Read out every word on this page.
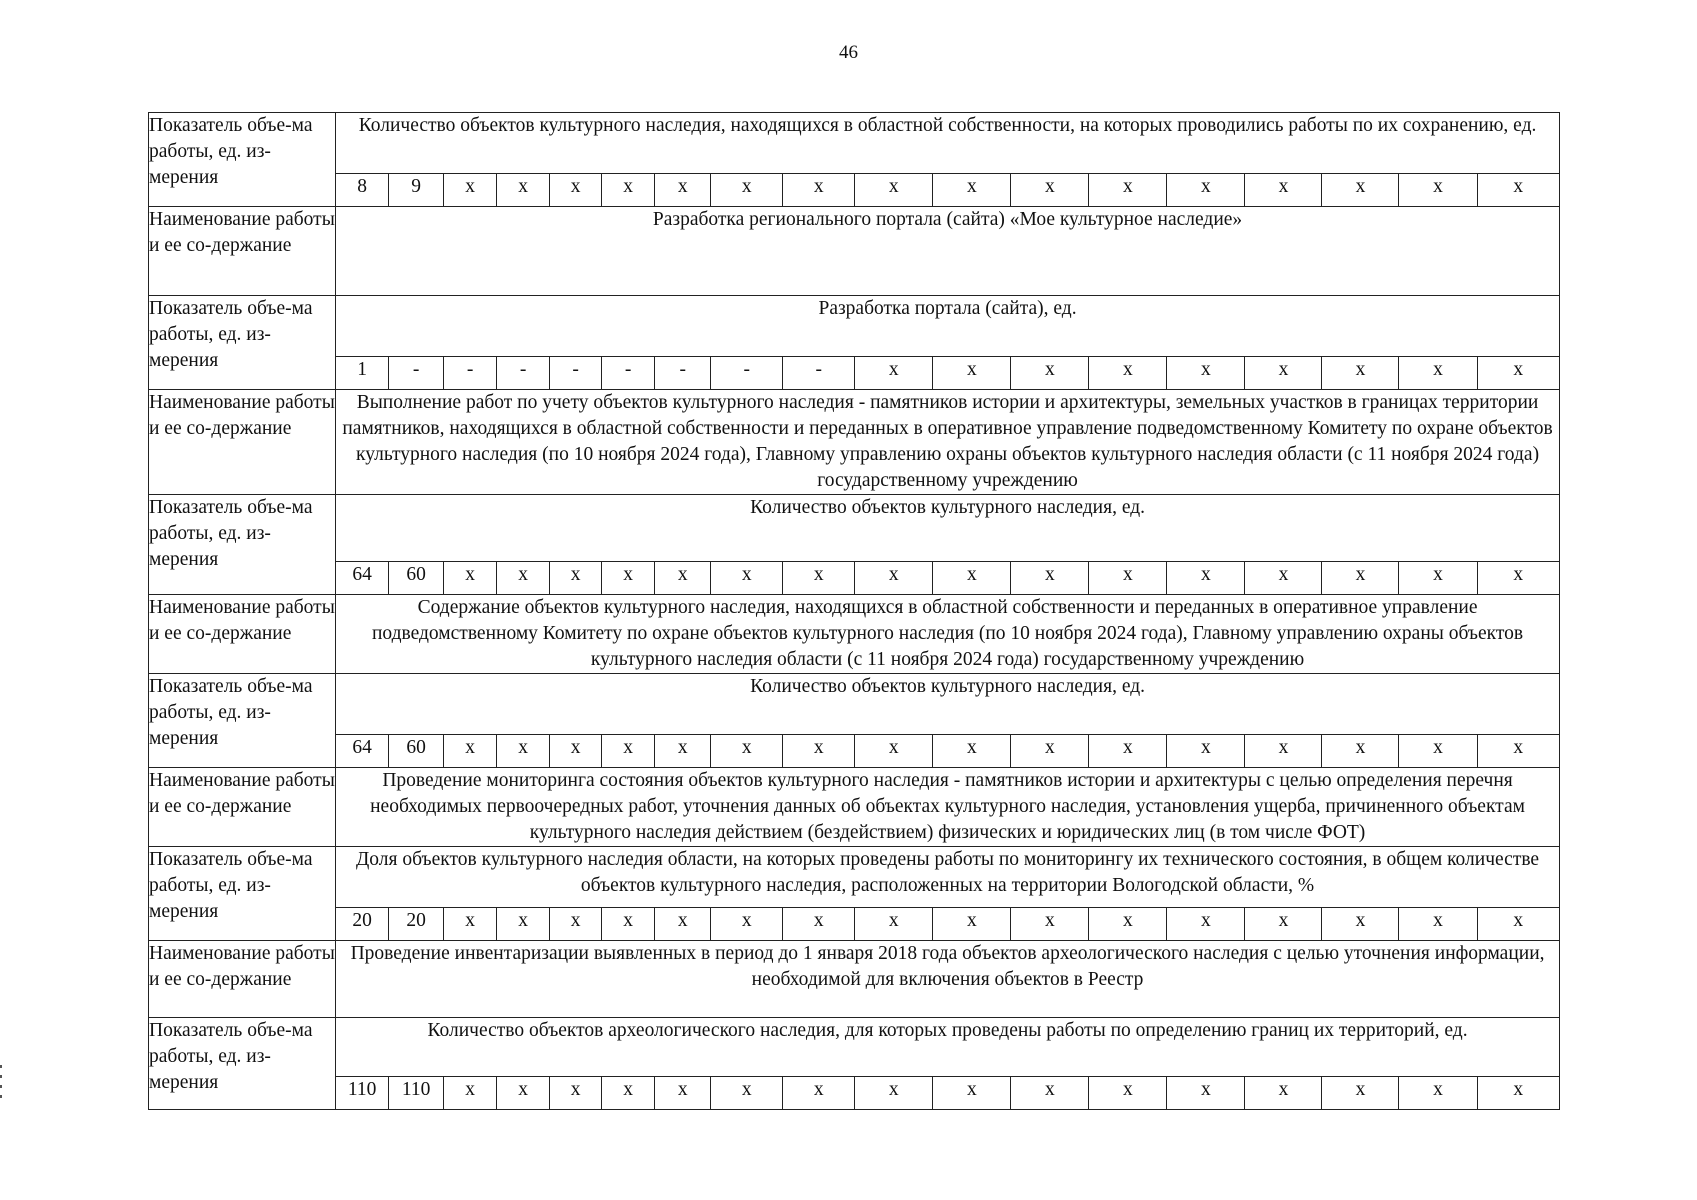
46
Показатель объе-ма работы, ед. из-мерения	Количество объектов культурного наследия, находящихся в областной собственности, на которых проводились работы по их сохранению, ед.																	
	8	9	х	х	х	х	х	х	х	х	х	х	х	х	х	х	х	х
Наименование работы и ее со-держание	Разработка регионального портала (сайта) «Мое культурное наследие»																	
Показатель объе-ма работы, ед. из-мерения	Разработка портала (сайта), ед.																	
	1	-	-	-	-	-	-	-	-	х	х	х	х	х	х	х	х	х
Наименование работы и ее со-держание	Выполнение работ по учету объектов культурного наследия - памятников истории и архитектуры, земельных участков в границах территории памятников, находящихся в областной собственности и переданных в оперативное управление подведомственному Комитету по охране объектов культурного наследия (по 10 ноября 2024 года), Главному управлению охраны объектов культурного наследия области (с 11 ноября 2024 года) государственному учреждению																	
Показатель объе-ма работы, ед. из-мерения	Количество объектов культурного наследия, ед.																	
	64	60	х	х	х	х	х	х	х	х	х	х	х	х	х	х	х	х
Наименование работы и ее со-держание	Содержание объектов культурного наследия, находящихся в областной собственности и переданных в оперативное управление подведомственному Комитету по охране объектов культурного наследия (по 10 ноября 2024 года), Главному управлению охраны объектов культурного наследия области (с 11 ноября 2024 года) государственному учреждению																	
Показатель объе-ма работы, ед. из-мерения	Количество объектов культурного наследия, ед.																	
	64	60	х	х	х	х	х	х	х	х	х	х	х	х	х	х	х	х
Наименование работы и ее со-держание	Проведение мониторинга состояния объектов культурного наследия - памятников истории и архитектуры с целью определения перечня необходимых первоочередных работ, уточнения данных об объектах культурного наследия, установления ущерба, причиненного объектам культурного наследия действием (бездействием) физических и юридических лиц (в том числе ФОТ)																	
Показатель объе-ма работы, ед. из-мерения	Доля объектов культурного наследия области, на которых проведены работы по мониторингу их технического состояния, в общем количестве объектов культурного наследия, расположенных на территории Вологодской области, %																	
	20	20	х	х	х	х	х	х	х	х	х	х	х	х	х	х	х	х
Наименование работы и ее со-держание	Проведение инвентаризации выявленных в период до 1 января 2018 года объектов археологического наследия с целью уточнения информации, необходимой для включения объектов в Реестр																	
Показатель объе-ма работы, ед. из-мерения	Количество объектов археологического наследия, для которых проведены работы по определению границ их территорий, ед.																	
	110	110	х	х	х	х	х	х	х	х	х	х	х	х	х	х	х	х
